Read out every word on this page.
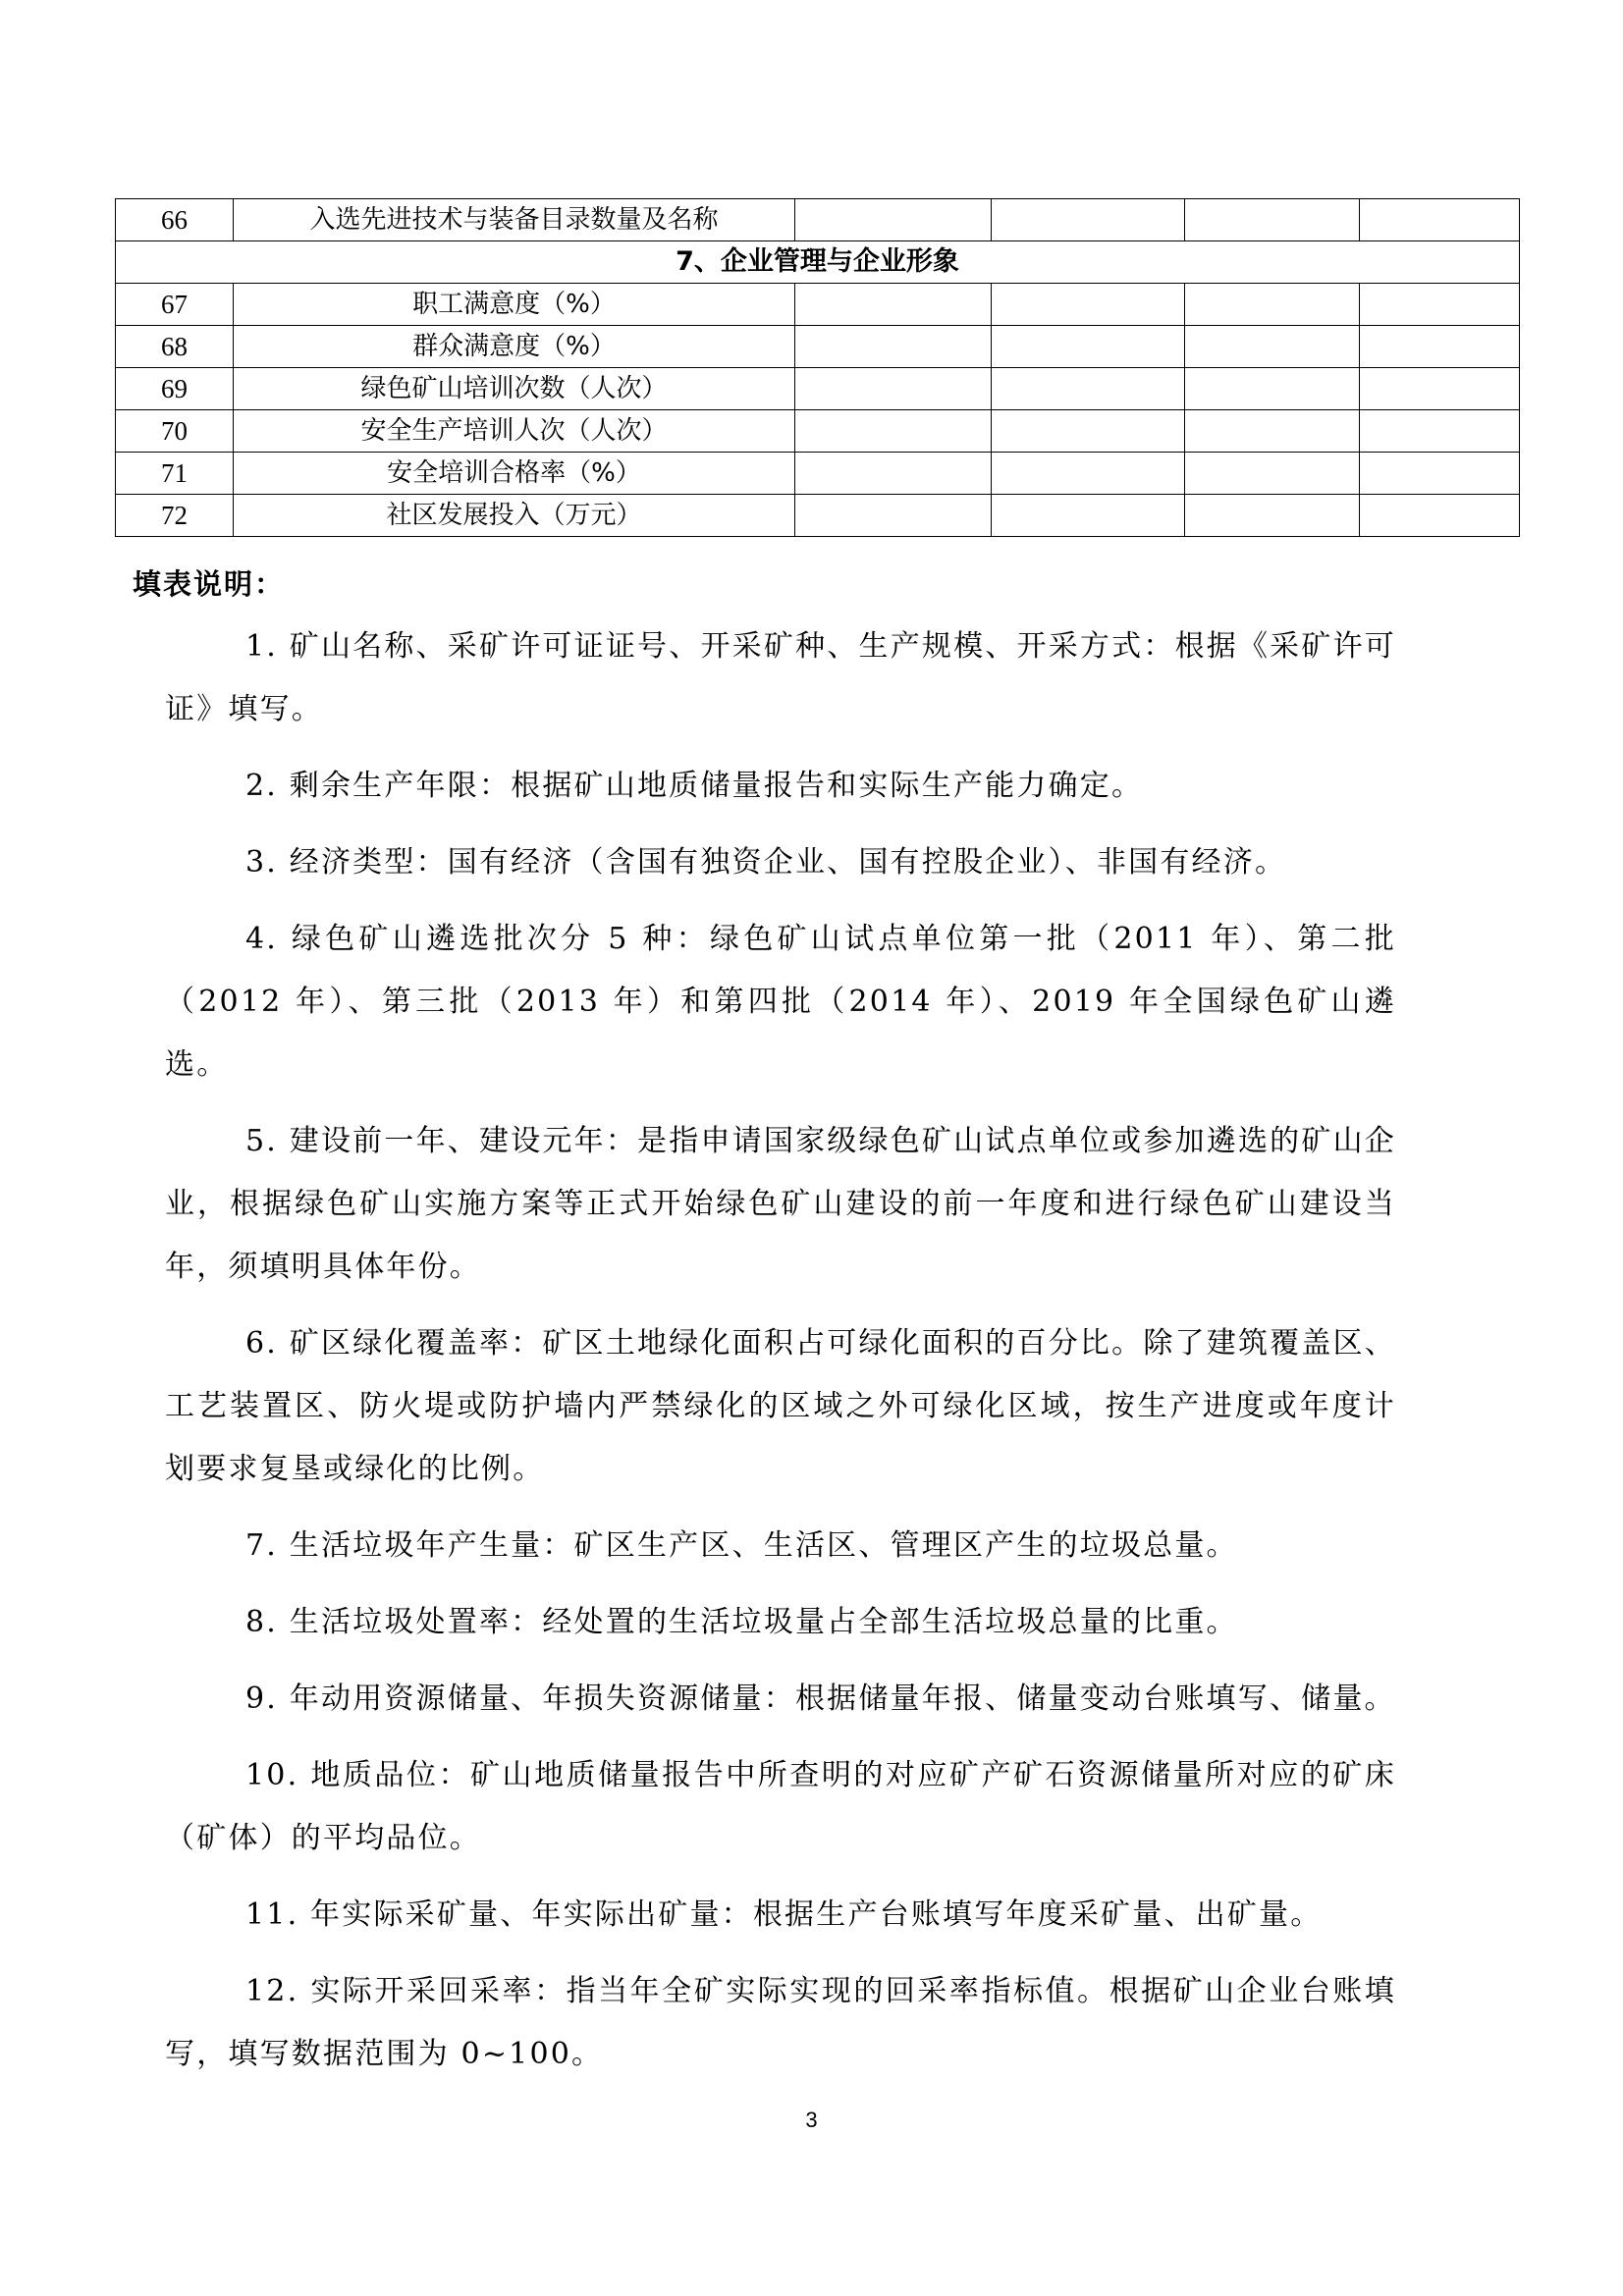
66	入选先进技术与装备目录数量及名称				
7、企业管理与企业形象					
67	职工满意度（%）				
68	群众满意度（%）				
69	绿色矿山培训次数（人次）				
70	安全生产培训人次（人次）				
71	安全培训合格率（%）				
72	社区发展投入（万元）				
填表说明：

1. 矿山名称、采矿许可证证号、开采矿种、生产规模、开采方式：根据《采矿许可证》填写。

2. 剩余生产年限：根据矿山地质储量报告和实际生产能力确定。

3. 经济类型：国有经济（含国有独资企业、国有控股企业）、非国有经济。

4. 绿色矿山遴选批次分 5 种：绿色矿山试点单位第一批（2011 年）、第二批（2012 年）、第三批（2013 年）和第四批（2014 年）、2019 年全国绿色矿山遴选。

5. 建设前一年、建设元年：是指申请国家级绿色矿山试点单位或参加遴选的矿山企业，根据绿色矿山实施方案等正式开始绿色矿山建设的前一年度和进行绿色矿山建设当年，须填明具体年份。

6. 矿区绿化覆盖率：矿区土地绿化面积占可绿化面积的百分比。除了建筑覆盖区、工艺装置区、防火堤或防护墙内严禁绿化的区域之外可绿化区域，按生产进度或年度计划要求复垦或绿化的比例。

7. 生活垃圾年产生量：矿区生产区、生活区、管理区产生的垃圾总量。

8. 生活垃圾处置率：经处置的生活垃圾量占全部生活垃圾总量的比重。

9. 年动用资源储量、年损失资源储量：根据储量年报、储量变动台账填写、储量。

10. 地质品位：矿山地质储量报告中所查明的对应矿产矿石资源储量所对应的矿床（矿体）的平均品位。

11. 年实际采矿量、年实际出矿量：根据生产台账填写年度采矿量、出矿量。

12. 实际开采回采率：指当年全矿实际实现的回采率指标值。根据矿山企业台账填写，填写数据范围为 0~100。

3
